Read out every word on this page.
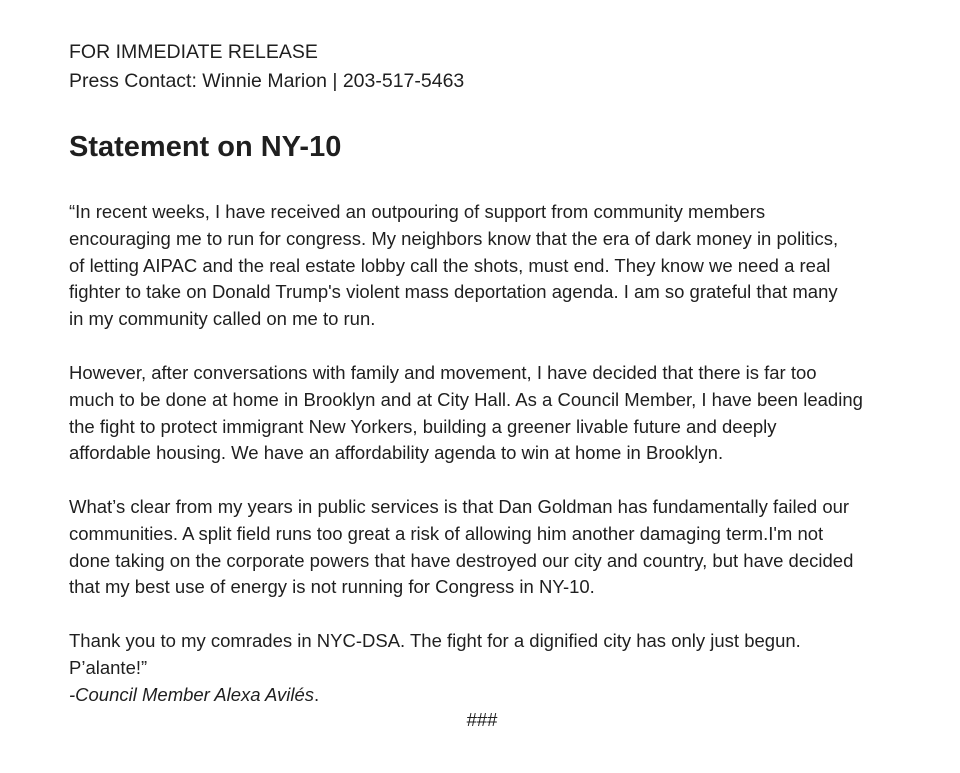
FOR IMMEDIATE RELEASE

Press Contact: Winnie Marion | 203-517-5463

Statement on NY-10

“In recent weeks, I have received an outpouring of support from community members
encouraging me to run for congress. My neighbors know that the era of dark money in politics,
of letting AIPAC and the real estate lobby call the shots, must end. They know we need a real
fighter to take on Donald Trump's violent mass deportation agenda. I am so grateful that many
in my community called on me to run.

However, after conversations with family and movement, I have decided that there is far too
much to be done at home in Brooklyn and at City Hall. As a Council Member, I have been leading
the fight to protect immigrant New Yorkers, building a greener livable future and deeply
affordable housing. We have an affordability agenda to win at home in Brooklyn.

What’s clear from my years in public services is that Dan Goldman has fundamentally failed our
communities. A split field runs too great a risk of allowing him another damaging term.I'm not
done taking on the corporate powers that have destroyed our city and country, but have decided
that my best use of energy is not running for Congress in NY-10.

Thank you to my comrades in NYC-DSA. The fight for a dignified city has only just begun.
P’alante!”
-Council Member Alexa Avilés.

###
